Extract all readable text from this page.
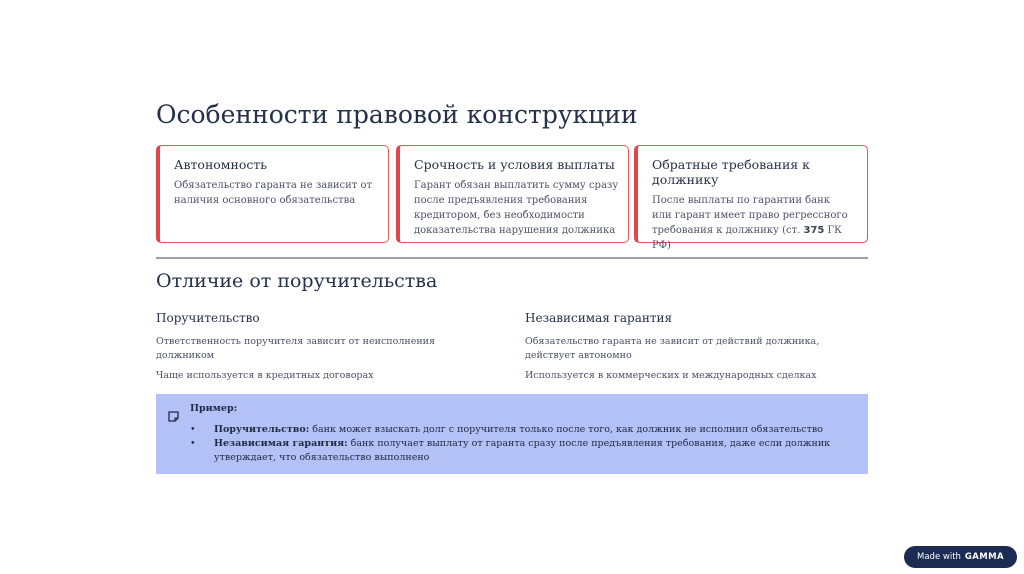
Особенности правовой конструкции
Автономность

Обязательство гаранта не зависит от наличия основного обязательства

Срочность и условия выплаты

Гарант обязан выплатить сумму сразу после предъявления требования кредитором, без необходимости доказательства нарушения должника

Обратные требования к должнику

После выплаты по гарантии банк или гарант имеет право регрессного требования к должнику (ст. 375 ГК РФ)

Отличие от поручительства
Поручительство

Ответственность поручителя зависит от неисполнения должником

Чаще используется в кредитных договорах

Независимая гарантия

Обязательство гаранта не зависит от действий должника, действует автономно

Используется в коммерческих и международных сделках

Пример:

• Поручительство: банк может взыскать долг с поручителя только после того, как должник не исполнил обязательство
• Независимая гарантия: банк получает выплату от гаранта сразу после предъявления требования, даже если должник утверждает, что обязательство выполнено
Made with GAMMA
